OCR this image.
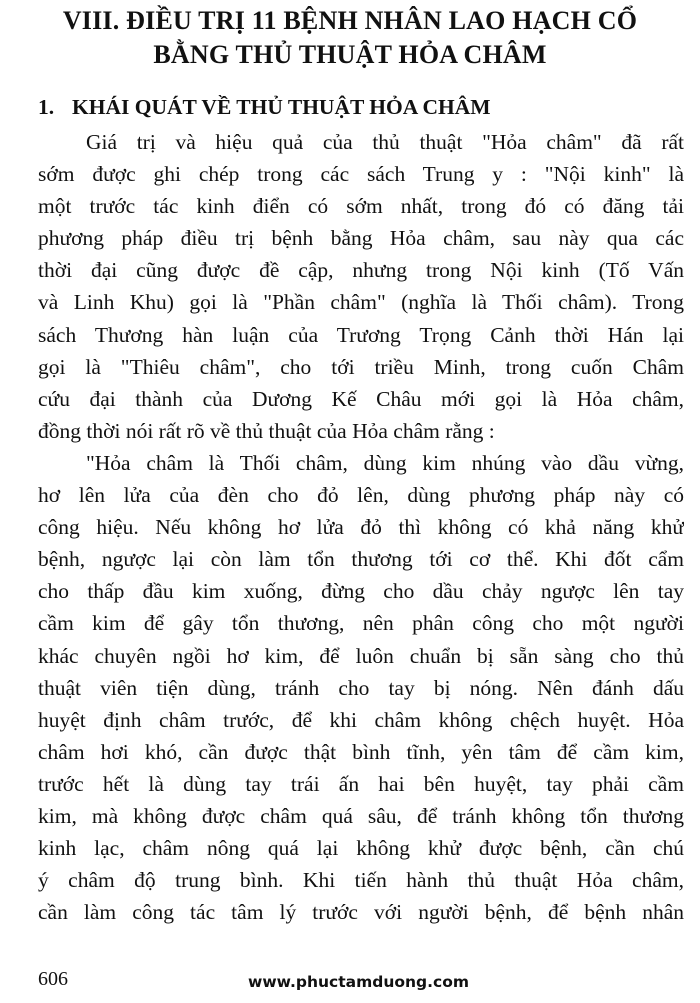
VIII. ĐIỀU TRỊ 11 BỆNH NHÂN LAO HẠCH CỔ
BẰNG THỦ THUẬT HỎA CHÂM
1. KHÁI QUÁT VỀ THỦ THUẬT HỎA CHÂM
Giá trị và hiệu quả của thủ thuật "Hỏa châm" đã rất
sớm được ghi chép trong các sách Trung y : "Nội kinh" là
một trước tác kinh điển có sớm nhất, trong đó có đăng tải
phương pháp điều trị bệnh bằng Hỏa châm, sau này qua các
thời đại cũng được đề cập, nhưng trong Nội kinh (Tố Vấn
và Linh Khu) gọi là "Phần châm" (nghĩa là Thối châm). Trong
sách Thương hàn luận của Trương Trọng Cảnh thời Hán lại
gọi là "Thiêu châm", cho tới triều Minh, trong cuốn Châm
cứu đại thành của Dương Kế Châu mới gọi là Hỏa châm,
đồng thời nói rất rõ về thủ thuật của Hỏa châm rằng :
"Hỏa châm là Thối châm, dùng kim nhúng vào dầu vừng,
hơ lên lửa của đèn cho đỏ lên, dùng phương pháp này có
công hiệu. Nếu không hơ lửa đỏ thì không có khả năng khử
bệnh, ngược lại còn làm tổn thương tới cơ thể. Khi đốt cẩm
cho thấp đầu kim xuống, đừng cho dầu chảy ngược lên tay
cầm kim để gây tổn thương, nên phân công cho một người
khác chuyên ngồi hơ kim, để luôn chuẩn bị sẵn sàng cho thủ
thuật viên tiện dùng, tránh cho tay bị nóng. Nên đánh dấu
huyệt định châm trước, để khi châm không chệch huyệt. Hỏa
châm hơi khó, cần được thật bình tĩnh, yên tâm để cầm kim,
trước hết là dùng tay trái ấn hai bên huyệt, tay phải cầm
kim, mà không được châm quá sâu, để tránh không tổn thương
kinh lạc, châm nông quá lại không khử được bệnh, cần chú
ý châm độ trung bình. Khi tiến hành thủ thuật Hỏa châm,
cần làm công tác tâm lý trước với người bệnh, để bệnh nhân
606	www.phuctamduong.com
